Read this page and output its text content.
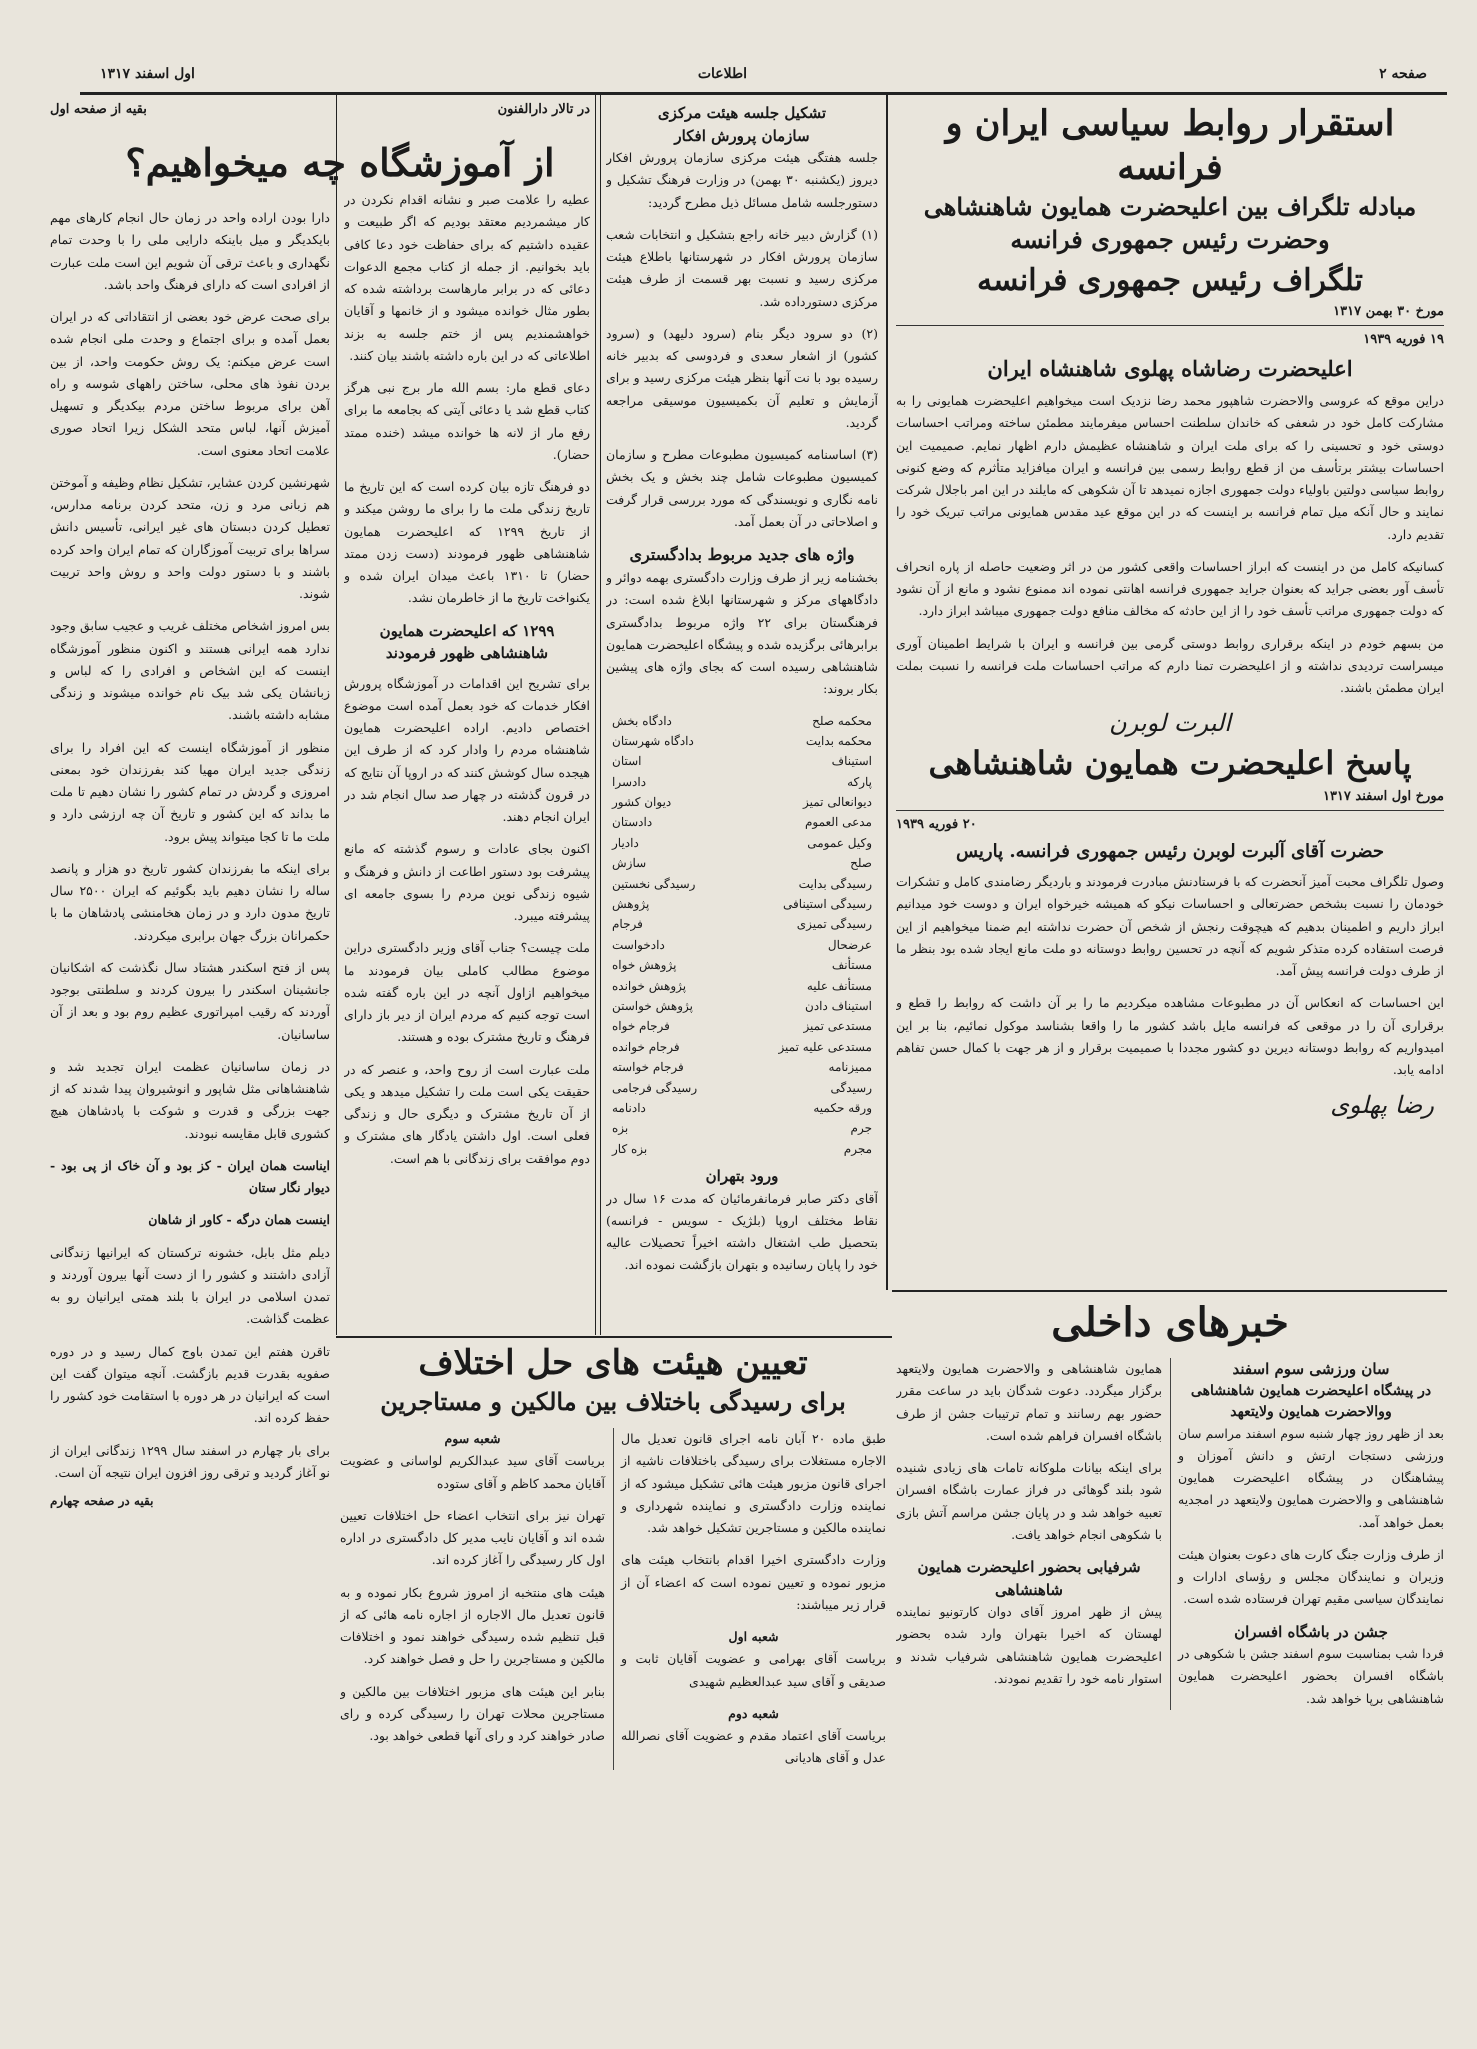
صفحه ۲
اطلاعات
اول اسفند ۱۳۱۷
استقرار روابط سیاسی ایران و فرانسه
مبادله تلگراف بین اعلیحضرت همایون شاهنشاهی
وحضرت رئیس جمهوری فرانسه
تلگراف رئیس جمهوری فرانسه
مورخ ۳۰ بهمن ۱۳۱۷
۱۹ فوریه ۱۹۳۹
اعلیحضرت رضاشاه پهلوی شاهنشاه ایران

دراین موقع که عروسی والاحضرت شاهپور محمد رضا نزدیک است میخواهیم اعلیحضرت همایونی را به مشارکت کامل خود در شعفی که خاندان سلطنت احساس میفرمایند مطمئن ساخته ومراتب احساسات دوستی خود و تحسینی را که برای ملت ایران و شاهنشاه عظیمش دارم اظهار نمایم. صمیمیت این احساسات بیشتر برتأسف من از قطع روابط رسمی بین فرانسه و ایران میافزاید متأثرم که وضع کنونی روابط سیاسی دولتین باولیاء دولت جمهوری اجازه نمیدهد تا آن شکوهی که مایلند در این امر باجلال شرکت نمایند و حال آنکه میل تمام فرانسه بر اینست که در این موقع عید مقدس همایونی مراتب تبریک خود را تقدیم دارد.

کسانیکه کامل من در اینست که ابراز احساسات واقعی کشور من در اثر وضعیت حاصله از پاره انحراف تأسف آور بعضی جراید که بعنوان جراید جمهوری فرانسه اهانتی نموده اند ممنوع نشود و مانع از آن نشود که دولت جمهوری مراتب تأسف خود را از این حادثه که مخالف منافع دولت جمهوری میباشد ابراز دارد.

من بسهم خودم در اینکه برقراری روابط دوستی گرمی بین فرانسه و ایران با شرایط اطمینان آوری میسراست تردیدی نداشته و از اعلیحضرت تمنا دارم که مراتب احساسات ملت فرانسه را نسبت بملت ایران مطمئن باشند.

البرت لوبرن
پاسخ اعلیحضرت همایون شاهنشاهی
مورخ اول اسفند ۱۳۱۷
۲۰ فوریه ۱۹۳۹
حضرت آقای آلبرت لوبرن رئیس جمهوری فرانسه. پاریس

وصول تلگراف محبت آمیز آنحضرت که با فرستادنش مبادرت فرمودند و باردیگر رضامندی کامل و تشکرات خودمان را نسبت بشخص حضرتعالی و احساسات نیکو که همیشه خیرخواه ایران و دوست خود میدانیم ابراز داریم و اطمینان بدهیم که هیچوقت رنجش از شخص آن حضرت نداشته ایم ضمنا میخواهیم از این فرصت استفاده کرده متذکر شویم که آنچه در تحسین روابط دوستانه دو ملت مانع ایجاد شده بود بنظر ما از طرف دولت فرانسه پیش آمد.

این احساسات که انعکاس آن در مطبوعات مشاهده میکردیم ما را بر آن داشت که روابط را قطع و برقراری آن را در موقعی که فرانسه مایل باشد کشور ما را واقعا بشناسد موکول نمائیم، بنا بر این امیدواریم که روابط دوستانه دیرین دو کشور مجددا با صمیمیت برقرار و از هر جهت با کمال حسن تفاهم ادامه یابد.

رضا پهلوی
تشکیل جلسه هیئت مرکزی
سازمان پرورش افکار

جلسه هفتگی هیئت مرکزی سازمان پرورش افکار دیروز (یکشنبه ۳۰ بهمن) در وزارت فرهنگ تشکیل و دستورجلسه شامل مسائل ذیل مطرح گردید:

(۱) گزارش دبیر خانه راجع بتشکیل و انتخابات شعب سازمان پرورش افکار در شهرستانها باطلاع هیئت مرکزی رسید و نسبت بهر قسمت از طرف هیئت مرکزی دستورداده شد.

(۲) دو سرود دیگر بنام (سرود دلیهد) و (سرود کشور) از اشعار سعدی و فردوسی که بدبیر خانه رسیده بود با نت آنها بنظر هیئت مرکزی رسید و برای آزمایش و تعلیم آن بکمیسیون موسیقی مراجعه گردید.

(۳) اساسنامه کمیسیون مطبوعات مطرح و سازمان کمیسیون مطبوعات شامل چند بخش و یک بخش نامه نگاری و نویسندگی که مورد بررسی قرار گرفت و اصلاحاتی در آن بعمل آمد.

واژه های جدید مربوط بدادگستری

بخشنامه زیر از طرف وزارت دادگستری بهمه دوائر و دادگاههای مرکز و شهرستانها ابلاغ شده است: در فرهنگستان برای ۲۲ واژه مربوط بدادگستری برابرهائی برگزیده شده و پیشگاه اعلیحضرت همایون شاهنشاهی رسیده است که بجای واژه های پیشین بکار بروند:

محکمه صلح	دادگاه بخش
محکمه بدایت	دادگاه شهرستان
استیناف	استان
پارکه	دادسرا
دیوانعالی تمیز	دیوان کشور
مدعی العموم	دادستان
وکیل عمومی	دادیار
صلح	سازش
رسیدگی بدایت	رسیدگی نخستین
رسیدگی استینافی	پژوهش
رسیدگی تمیزی	فرجام
عرضحال	دادخواست
مستأنف	پژوهش خواه
مستأنف علیه	پژوهش خوانده
استیناف دادن	پژوهش خواستن
مستدعی تمیز	فرجام خواه
مستدعی علیه تمیز	فرجام خوانده
ممیزنامه	فرجام خواسته
رسیدگی	رسیدگی فرجامی
ورقه حکمیه	دادنامه
جرم	بزه
مجرم	بزه کار
ورود بتهران

آقای دکتر صابر فرمانفرمائیان که مدت ۱۶ سال در نقاط مختلف اروپا (بلژیک - سویس - فرانسه) بتحصیل طب اشتغال داشته اخیراً تحصیلات عالیه خود را پایان رسانیده و بتهران بازگشت نموده اند.

در تالار دارالفنون

عطیه را علامت صبر و نشانه اقدام نکردن در کار میشمردیم معتقد بودیم که اگر طبیعت و عقیده داشتیم که برای حفاظت خود دعا کافی باید بخوانیم. از جمله از کتاب مجمع الدعوات دعائی که در برابر مارهاست برداشته شده که بطور مثال خوانده میشود و از خانمها و آقایان خواهشمندیم پس از ختم جلسه به بزند اطلاعاتی که در این باره داشته باشند بیان کنند.

دعای قطع مار: بسم الله مار برج نبی هرگز کتاب قطع شد یا دعائی آیتی که بجامعه ما برای رفع مار از لانه ها خوانده میشد (خنده ممتد حضار).

دو فرهنگ تازه بیان کرده است که این تاریخ ما تاریخ زندگی ملت ما را برای ما روشن میکند و از تاریخ ۱۲۹۹ که اعلیحضرت همایون شاهنشاهی ظهور فرمودند (دست زدن ممتد حضار) تا ۱۳۱۰ باعث میدان ایران شده و یکنواخت تاریخ ما از خاطرمان نشد.

۱۲۹۹ که اعلیحضرت همایون شاهنشاهی ظهور فرمودند

برای تشریح این اقدامات در آموزشگاه پرورش افکار خدمات که خود بعمل آمده است موضوع اختصاص دادیم. اراده اعلیحضرت همایون شاهنشاه مردم را وادار کرد که از طرف این هیجده سال کوشش کنند که در اروپا آن نتایج که در قرون گذشته در چهار صد سال انجام شد در ایران انجام دهند.

اکنون بجای عادات و رسوم گذشته که مانع پیشرفت بود دستور اطاعت از دانش و فرهنگ و شیوه زندگی نوین مردم را بسوی جامعه ای پیشرفته میبرد.

ملت چیست؟ جناب آقای وزیر دادگستری دراین موضوع مطالب کاملی بیان فرمودند ما میخواهیم ازاول آنچه در این باره گفته شده است توجه کنیم که مردم ایران از دیر باز دارای فرهنگ و تاریخ مشترک بوده و هستند.

ملت عبارت است از روح واحد، و عنصر که در حقیقت یکی است ملت را تشکیل میدهد و یکی از آن تاریخ مشترک و دیگری حال و زندگی فعلی است. اول داشتن یادگار های مشترک و دوم موافقت برای زندگانی با هم است.

از آموزشگاه چه میخواهیم؟
بقیه از صفحه اول

دارا بودن اراده واحد در زمان حال انجام کارهای مهم بایکدیگر و میل باینکه دارایی ملی را با وحدت تمام نگهداری و باعث ترقی آن شویم این است ملت عبارت از افرادی است که دارای فرهنگ واحد باشد.

برای صحت عرض خود بعضی از انتقاداتی که در ایران بعمل آمده و برای اجتماع و وحدت ملی انجام شده است عرض میکنم: یک روش حکومت واحد، از بین بردن نفوذ های محلی، ساختن راههای شوسه و راه آهن برای مربوط ساختن مردم بیکدیگر و تسهیل آمیزش آنها، لباس متحد الشکل زیرا اتحاد صوری علامت اتحاد معنوی است.

شهرنشین کردن عشایر، تشکیل نظام وظیفه و آموختن هم زبانی مرد و زن، متحد کردن برنامه مدارس، تعطیل کردن دبستان های غیر ایرانی، تأسیس دانش سراها برای تربیت آموزگاران که تمام ایران واحد کرده باشند و با دستور دولت واحد و روش واحد تربیت شوند.

بس امروز اشخاص مختلف غریب و عجیب سابق وجود ندارد همه ایرانی هستند و اکنون منظور آموزشگاه اینست که این اشخاص و افرادی را که لباس و زبانشان یکی شد بیک نام خوانده میشوند و زندگی مشابه داشته باشند.

منظور از آموزشگاه اینست که این افراد را برای زندگی جدید ایران مهیا کند بفرزندان خود بمعنی امروزی و گردش در تمام کشور را نشان دهیم تا ملت ما بداند که این کشور و تاریخ آن چه ارزشی دارد و ملت ما تا کجا میتواند پیش برود.

برای اینکه ما بفرزندان کشور تاریخ دو هزار و پانصد ساله را نشان دهیم باید بگوئیم که ایران ۲۵۰۰ سال تاریخ مدون دارد و در زمان هخامنشی پادشاهان ما با حکمرانان بزرگ جهان برابری میکردند.

پس از فتح اسکندر هشتاد سال نگذشت که اشکانیان جانشینان اسکندر را بیرون کردند و سلطنتی بوجود آوردند که رقیب امپراتوری عظیم روم بود و بعد از آن ساسانیان.

در زمان ساسانیان عظمت ایران تجدید شد و شاهنشاهانی مثل شاپور و انوشیروان پیدا شدند که از جهت بزرگی و قدرت و شوکت با پادشاهان هیچ کشوری قابل مقایسه نبودند.

ایناست همان ایران - کز بود و آن خاک از پی بود - دیوار نگار ستان

اینست همان درگه - کاور از شاهان

دیلم مثل بابل، خشونه ترکستان که ایرانیها زندگانی آزادی داشتند و کشور را از دست آنها بیرون آوردند و تمدن اسلامی در ایران با بلند همتی ایرانیان رو به عظمت گذاشت.

تاقرن هفتم این تمدن باوج کمال رسید و در دوره صفویه بقدرت قدیم بازگشت. آنچه میتوان گفت این است که ایرانیان در هر دوره با استقامت خود کشور را حفظ کرده اند.

برای بار چهارم در اسفند سال ۱۲۹۹ زندگانی ایران از نو آغاز گردید و ترقی روز افزون ایران نتیجه آن است.

بقیه در صفحه چهارم
تعیین هیئت های حل اختلاف
برای رسیدگی باختلاف بین مالکین و مستاجرین

طبق ماده ۲۰ آبان نامه اجرای قانون تعدیل مال الاجاره مستغلات برای رسیدگی باختلافات ناشیه از اجرای قانون مزبور هیئت هائی تشکیل میشود که از نماینده وزارت دادگستری و نماینده شهرداری و نماینده مالکین و مستاجرین تشکیل خواهد شد.

وزارت دادگستری اخیرا اقدام بانتخاب هیئت های مزبور نموده و تعیین نموده است که اعضاء آن از قرار زیر میباشند:

شعبه اول

بریاست آقای بهرامی و عضویت آقایان ثابت و صدیقی و آقای سید عبدالعظیم شهیدی

شعبه دوم

بریاست آقای اعتماد مقدم و عضویت آقای نصرالله عدل و آقای هادیانی

شعبه سوم

بریاست آقای سید عبدالکریم لواسانی و عضویت آقایان محمد کاظم و آقای ستوده

تهران نیز برای انتخاب اعضاء حل اختلافات تعیین شده اند و آقایان نایب مدیر کل دادگستری در اداره اول کار رسیدگی را آغاز کرده اند.

هیئت های منتخبه از امروز شروع بکار نموده و به قانون تعدیل مال الاجاره از اجاره نامه هائی که از قبل تنظیم شده رسیدگی خواهند نمود و اختلافات مالکین و مستاجرین را حل و فصل خواهند کرد.

بنابر این هیئت های مزبور اختلافات بین مالکین و مستاجرین محلات تهران را رسیدگی کرده و رای صادر خواهند کرد و رای آنها قطعی خواهد بود.

خبرهای داخلی
سان ورزشی سوم اسفند
در پیشگاه اعلیحضرت همایون شاهنشاهی ووالاحضرت همایون ولایتعهد

بعد از ظهر روز چهار شنبه سوم اسفند مراسم سان ورزشی دستجات ارتش و دانش آموزان و پیشاهنگان در پیشگاه اعلیحضرت همایون شاهنشاهی و والاحضرت همایون ولایتعهد در امجدیه بعمل خواهد آمد.

از طرف وزارت جنگ کارت های دعوت بعنوان هیئت وزیران و نمایندگان مجلس و رؤسای ادارات و نمایندگان سیاسی مقیم تهران فرستاده شده است.

جشن در باشگاه افسران

فردا شب بمناسبت سوم اسفند جشن با شکوهی در باشگاه افسران بحضور اعلیحضرت همایون شاهنشاهی برپا خواهد شد.

همایون شاهنشاهی و والاحضرت همایون ولایتعهد برگزار میگردد. دعوت شدگان باید در ساعت مقرر حضور بهم رسانند و تمام ترتیبات جشن از طرف باشگاه افسران فراهم شده است.

برای اینکه بیانات ملوکانه تامات های زیادی شنیده شود بلند گوهائی در فراز عمارت باشگاه افسران تعبیه خواهد شد و در پایان جشن مراسم آتش بازی با شکوهی انجام خواهد یافت.

شرفیابی بحضور اعلیحضرت همایون شاهنشاهی

پیش از ظهر امروز آقای دوان کارتونیو نماینده لهستان که اخیرا بتهران وارد شده بحضور اعلیحضرت همایون شاهنشاهی شرفیاب شدند و استوار نامه خود را تقدیم نمودند.
